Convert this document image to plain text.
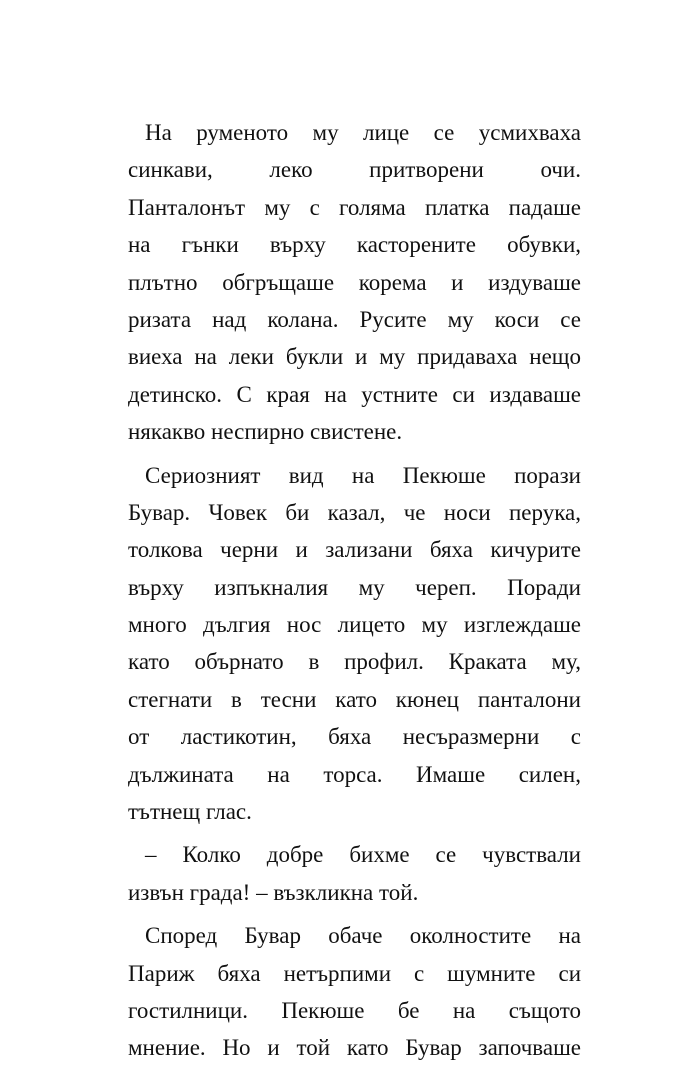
На руменото му лице се усмихваха
синкави, леко притворени очи.
Панталонът му с голяма платка падаше
на гънки върху касторените обувки,
плътно обгръщаше корема и издуваше
ризата над колана. Русите му коси се
виеха на леки букли и му придаваха нещо
детинско. С края на устните си издаваше
някакво неспирно свистене.
Сериозният вид на Пекюше порази
Бувар. Човек би казал, че носи перука,
толкова черни и зализани бяха кичурите
върху изпъкналия му череп. Поради
много дългия нос лицето му изглеждаше
като обърнато в профил. Краката му,
стегнати в тесни като кюнец панталони
от ластикотин, бяха несъразмерни с
дължината на торса. Имаше силен,
тътнещ глас.
– Колко добре бихме се чувствали
извън града! – възкликна той.
Според Бувар обаче околностите на
Париж бяха нетърпими с шумните си
гостилници. Пекюше бе на същото
мнение. Но и той като Бувар започваше
